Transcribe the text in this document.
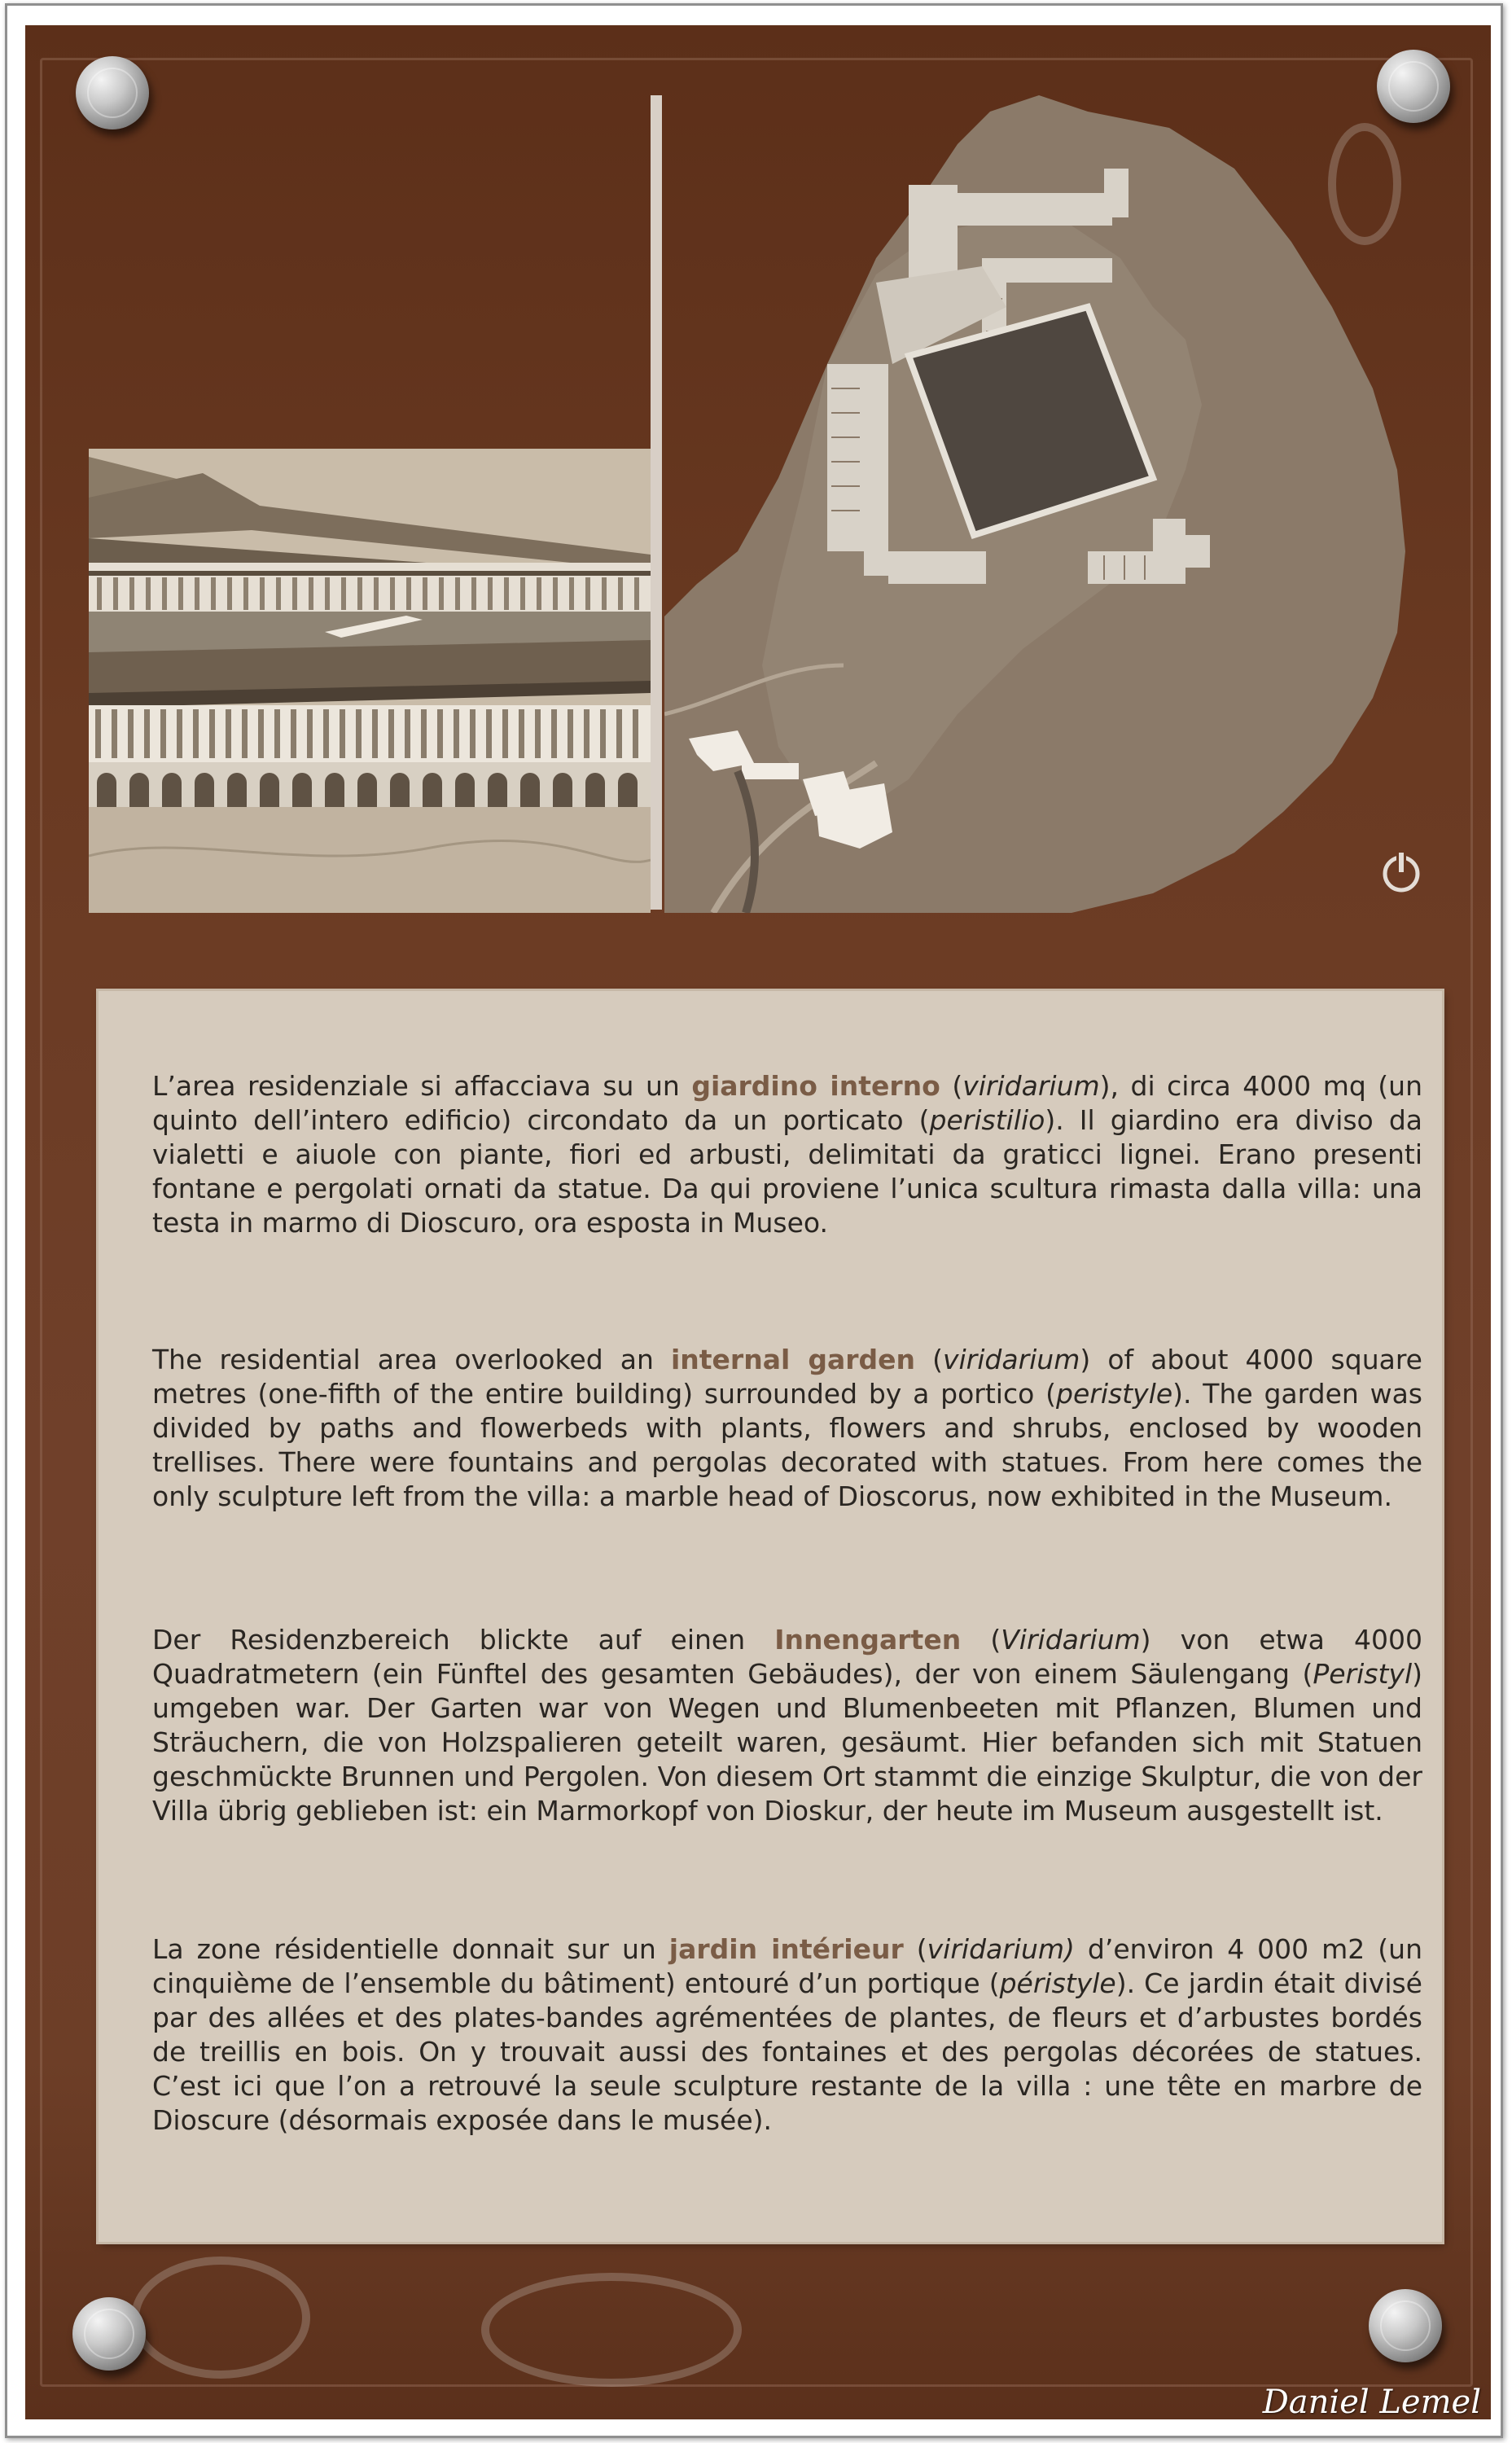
L’area residenziale si affacciava su un giardino interno (viridarium), di circa 4000 mq (un quinto dell’intero edificio) circondato da un porticato (peristilio). Il giardino era diviso da vialetti e aiuole con piante, fiori ed arbusti, delimitati da graticci lignei. Erano presenti fontane e pergolati ornati da statue. Da qui proviene l’unica scultura rimasta dalla villa: una testa in marmo di Dioscuro, ora esposta in Museo.

The residential area overlooked an internal garden (viridarium) of about 4000 square metres (one-fifth of the entire building) surrounded by a portico (peristyle). The garden was divided by paths and flowerbeds with plants, flowers and shrubs, enclosed by wooden trellises. There were fountains and pergolas decorated with statues. From here comes the only sculpture left from the villa: a marble head of Dioscorus, now exhibited in the Museum.

Der Residenzbereich blickte auf einen Innengarten (Viridarium) von etwa 4000 Quadratmetern (ein Fünftel des gesamten Gebäudes), der von einem Säulengang (Peristyl) umgeben war. Der Garten war von Wegen und Blumenbeeten mit Pflanzen, Blumen und Sträuchern, die von Holzspalieren geteilt waren, gesäumt. Hier befanden sich mit Statuen geschmückte Brunnen und Pergolen. Von diesem Ort stammt die einzige Skulptur, die von der Villa übrig geblieben ist: ein Marmorkopf von Dioskur, der heute im Museum ausgestellt ist.

La zone résidentielle donnait sur un jardin intérieur (viridarium) d’environ 4 000 m2 (un cinquième de l’ensemble du bâtiment) entouré d’un portique (péristyle). Ce jardin était divisé par des allées et des plates-bandes agrémentées de plantes, de fleurs et d’arbustes bordés de treillis en bois. On y trouvait aussi des fontaines et des pergolas décorées de statues. C’est ici que l’on a retrouvé la seule sculpture restante de la villa : une tête en marbre de Dioscure (désormais exposée dans le musée).

Daniel Lemel
